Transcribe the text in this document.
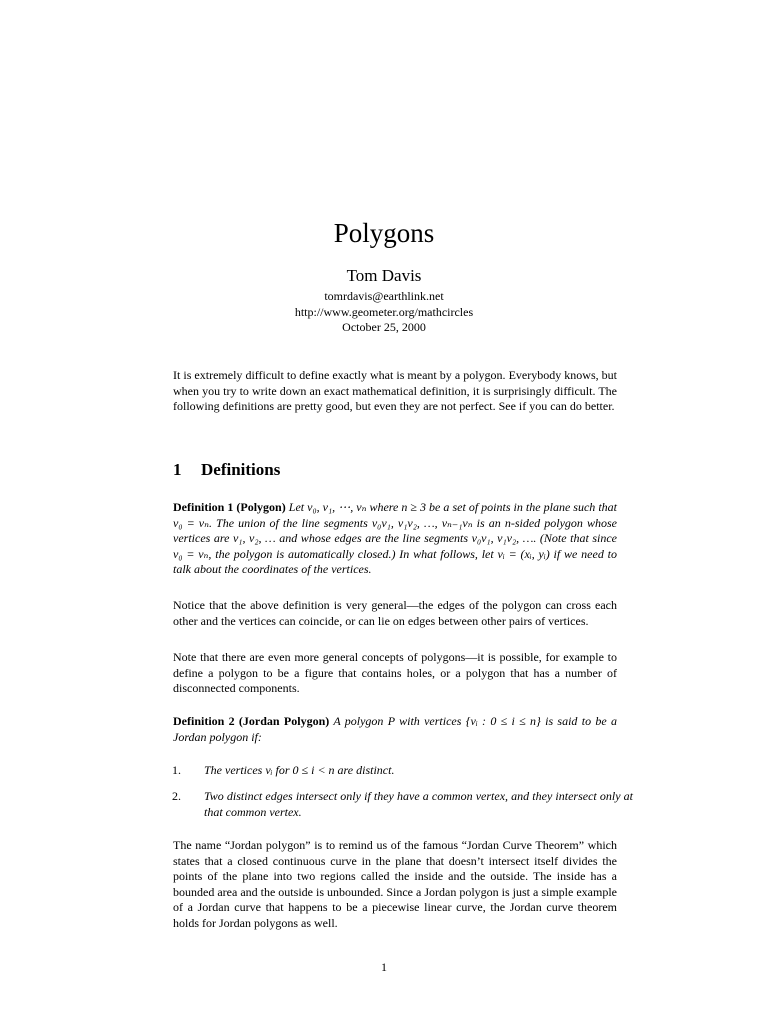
Polygons
Tom Davis
tomrdavis@earthlink.net
http://www.geometer.org/mathcircles
October 25, 2000
It is extremely difficult to define exactly what is meant by a polygon. Everybody knows, but when you try to write down an exact mathematical definition, it is surprisingly difficult. The following definitions are pretty good, but even they are not perfect. See if you can do better.
1 Definitions
Definition 1 (Polygon) Let v₀, v₁, ⋯, vₙ where n ≥ 3 be a set of points in the plane such that v₀ = vₙ. The union of the line segments v₀v₁, v₁v₂, …, vₙ₋₁vₙ is an n-sided polygon whose vertices are v₁, v₂, … and whose edges are the line segments v₀v₁, v₁v₂, …. (Note that since v₀ = vₙ, the polygon is automatically closed.) In what follows, let vᵢ = (xᵢ, yᵢ) if we need to talk about the coordinates of the vertices.
Notice that the above definition is very general—the edges of the polygon can cross each other and the vertices can coincide, or can lie on edges between other pairs of vertices.
Note that there are even more general concepts of polygons—it is possible, for example to define a polygon to be a figure that contains holes, or a polygon that has a number of disconnected components.
Definition 2 (Jordan Polygon) A polygon P with vertices {vᵢ : 0 ≤ i ≤ n} is said to be a Jordan polygon if:
1. The vertices vᵢ for 0 ≤ i < n are distinct.
2. Two distinct edges intersect only if they have a common vertex, and they intersect only at that common vertex.
The name “Jordan polygon” is to remind us of the famous “Jordan Curve Theorem” which states that a closed continuous curve in the plane that doesn’t intersect itself divides the points of the plane into two regions called the inside and the outside. The inside has a bounded area and the outside is unbounded. Since a Jordan polygon is just a simple example of a Jordan curve that happens to be a piecewise linear curve, the Jordan curve theorem holds for Jordan polygons as well.
1
